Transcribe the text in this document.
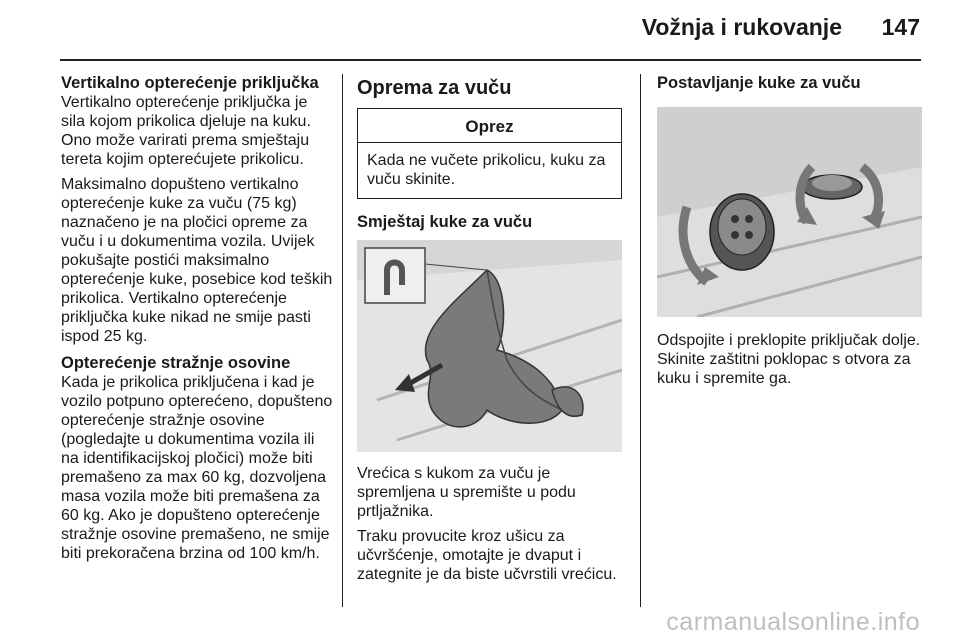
Vožnja i rukovanje 147
Vertikalno opterećenje priključka

Vertikalno opterećenje priključka je sila kojom prikolica djeluje na kuku. Ono može varirati prema smještaju tereta kojim opterećujete prikolicu.

Maksimalno dopušteno vertikalno opterećenje kuke za vuču (75 kg) naznačeno je na pločici opreme za vuču i u dokumentima vozila. Uvijek pokušajte postići maksimalno opterećenje kuke, posebice kod teških prikolica. Vertikalno opterećenje priključka kuke nikad ne smije pasti ispod 25 kg.

Opterećenje stražnje osovine

Kada je prikolica priključena i kad je vozilo potpuno opterećeno, dopušteno opterećenje stražnje osovine (pogledajte u dokumentima vozila ili na identifikacijskoj pločici) može biti premašeno za max 60 kg, dozvoljena masa vozila može biti premašena za 60 kg. Ako je dopušteno opterećenje stražnje osovine premašeno, ne smije biti prekoračena brzina od 100 km/h.

Oprema za vuču
Oprez
Kada ne vučete prikolicu, kuku za vuču skinite.
Smještaj kuke za vuču

Vrećica s kukom za vuču je spremljena u spremište u podu prtljažnika.

Traku provucite kroz ušicu za učvršćenje, omotajte je dvaput i zategnite je da biste učvrstili vrećicu.

Postavljanje kuke za vuču

Odspojite i preklopite priključak dolje. Skinite zaštitni poklopac s otvora za kuku i spremite ga.

carmanualsonline.info
